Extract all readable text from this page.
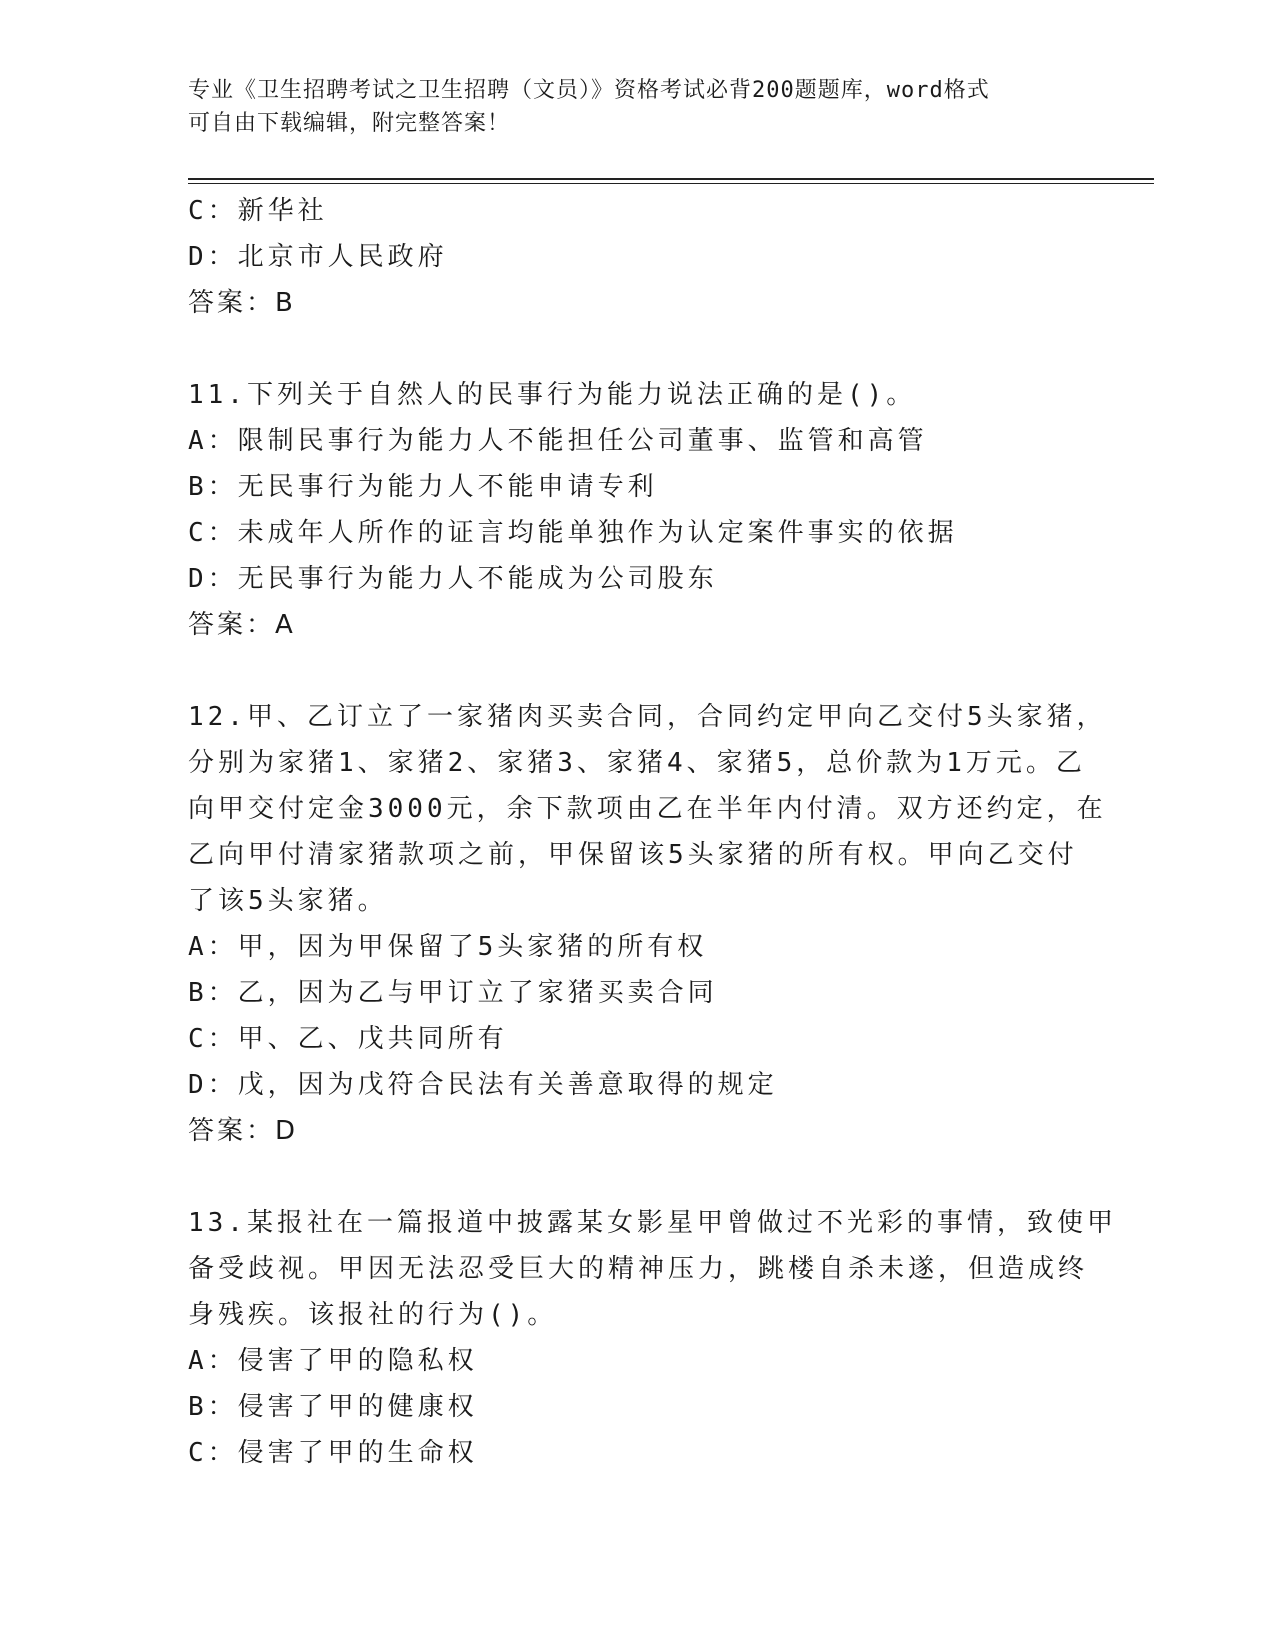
专业《卫生招聘考试之卫生招聘（文员）》资格考试必背200题题库，word格式
可自由下载编辑，附完整答案！
C：新华社
D：北京市人民政府
答案：B
11.下列关于自然人的民事行为能力说法正确的是()。
A：限制民事行为能力人不能担任公司董事、监管和高管
B：无民事行为能力人不能申请专利
C：未成年人所作的证言均能单独作为认定案件事实的依据
D：无民事行为能力人不能成为公司股东
答案：A
12.甲、乙订立了一家猪肉买卖合同，合同约定甲向乙交付5头家猪，
分别为家猪1、家猪2、家猪3、家猪4、家猪5，总价款为1万元。乙
向甲交付定金3000元，余下款项由乙在半年内付清。双方还约定，在
乙向甲付清家猪款项之前，甲保留该5头家猪的所有权。甲向乙交付
了该5头家猪。
A：甲，因为甲保留了5头家猪的所有权
B：乙，因为乙与甲订立了家猪买卖合同
C：甲、乙、戊共同所有
D：戊，因为戊符合民法有关善意取得的规定
答案：D
13.某报社在一篇报道中披露某女影星甲曾做过不光彩的事情，致使甲
备受歧视。甲因无法忍受巨大的精神压力，跳楼自杀未遂，但造成终
身残疾。该报社的行为()。
A：侵害了甲的隐私权
B：侵害了甲的健康权
C：侵害了甲的生命权
